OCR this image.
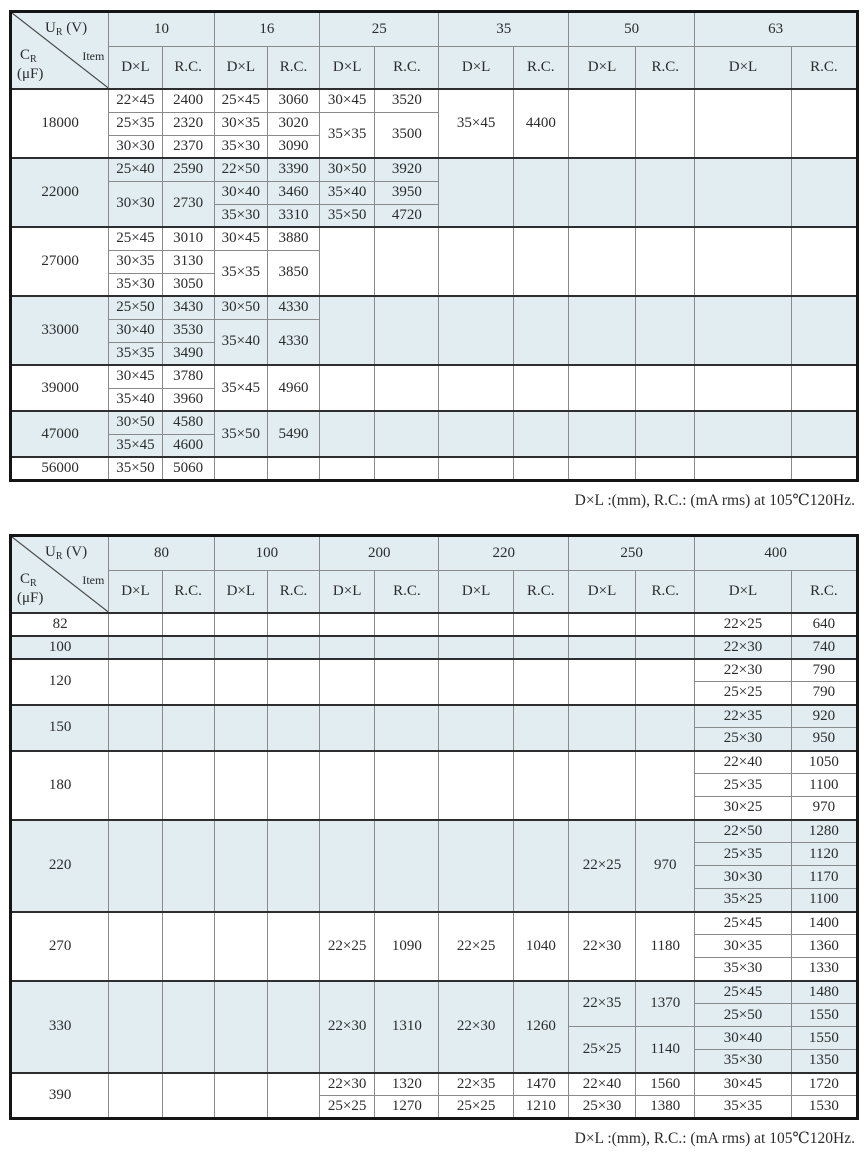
$U_R$ (V)
Item
$C_R$
(μF)	10		16		25		35		50		63	
	D×L	R.C.	D×L	R.C.	D×L	R.C.	D×L	R.C.	D×L	R.C.	D×L	R.C.
18000	22×45	2400	25×45	3060	30×45	3520	35×45	4400				
	25×35	2320	30×35	3020	35×35	3500						
	30×30	2370	35×30	3090								
22000	25×40	2590	22×50	3390	30×50	3920						
	30×30	2730	30×40	3460	35×40	3950						
			35×30	3310	35×50	4720						
27000	25×45	3010	30×45	3880								
	30×35	3130	35×35	3850								
	35×30	3050										
33000	25×50	3430	30×50	4330								
	30×40	3530	35×40	4330								
	35×35	3490										
39000	30×45	3780	35×45	4960								
	35×40	3960										
47000	30×50	4580	35×50	5490								
	35×45	4600										
56000	35×50	5060										
D×L :(mm), R.C.: (mA rms) at 105℃120Hz.
$U_R$ (V)
Item
$C_R$
(μF)	80		100		200		220		250		400	
	D×L	R.C.	D×L	R.C.	D×L	R.C.	D×L	R.C.	D×L	R.C.	D×L	R.C.
82											22×25	640
100											22×30	740
120											22×30	790
											25×25	790
150											22×35	920
											25×30	950
180											22×40	1050
											25×35	1100
											30×25	970
220									22×25	970	22×50	1280
											25×35	1120
											30×30	1170
											35×25	1100
270					22×25	1090	22×25	1040	22×30	1180	25×45	1400
											30×35	1360
											35×30	1330
330					22×30	1310	22×30	1260	22×35	1370	25×45	1480
											25×50	1550
									25×25	1140	30×40	1550
											35×30	1350
390					22×30	1320	22×35	1470	22×40	1560	30×45	1720
					25×25	1270	25×25	1210	25×30	1380	35×35	1530
D×L :(mm), R.C.: (mA rms) at 105℃120Hz.
